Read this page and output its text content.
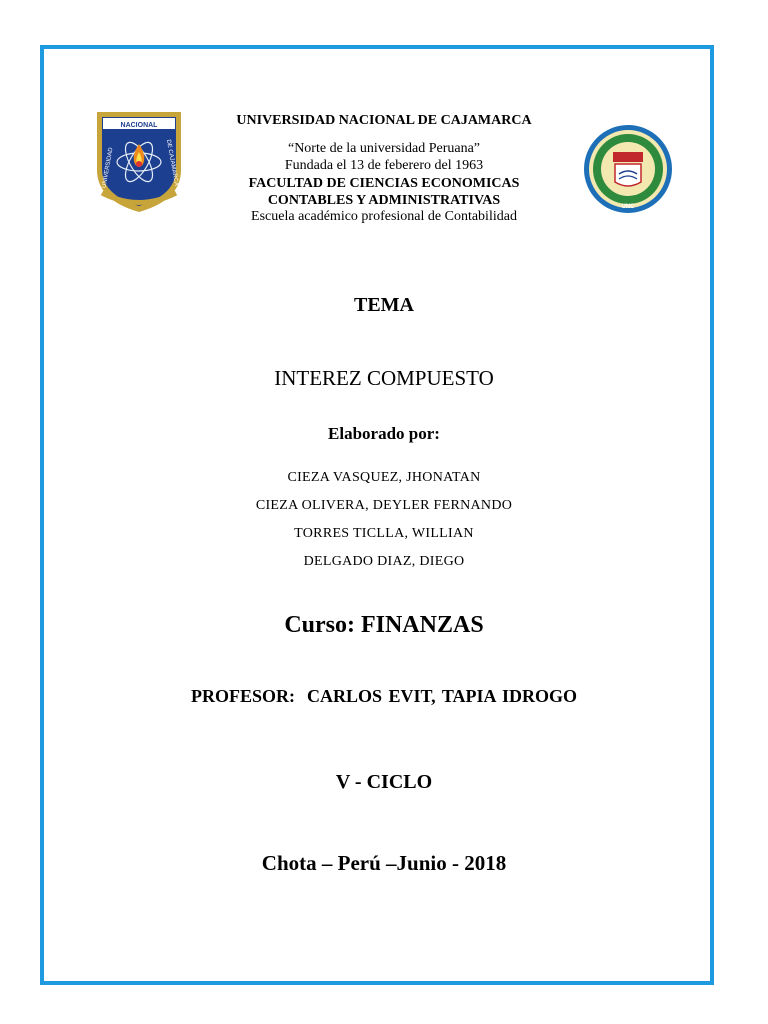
NACIONAL
UNIVERSIDAD	DE CAJAMARCA
UNC
UNIVERSIDAD NACIONAL DE CAJAMARCA
“Norte de la universidad Peruana”
Fundada el 13 de feberero del 1963
FACULTAD DE CIENCIAS ECONOMICAS
CONTABLES Y ADMINISTRATIVAS
Escuela académico profesional de Contabilidad
TEMA
INTEREZ COMPUESTO
Elaborado por:
CIEZA VASQUEZ, JHONATAN
CIEZA OLIVERA, DEYLER FERNANDO
TORRES TICLLA, WILLIAN
DELGADO DIAZ, DIEGO
Curso: FINANZAS
PROFESOR: CARLOS EVIT, TAPIA IDROGO
V - CICLO
Chota – Perú –Junio - 2018
